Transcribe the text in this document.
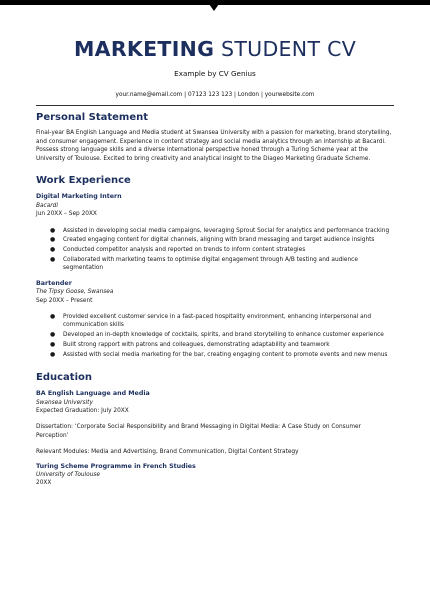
MARKETING STUDENT CV
Example by CV Genius
your.name@email.com | 07123 123 123 | London | yourwebsite.com
Personal Statement
Final-year BA English Language and Media student at Swansea University with a passion for marketing, brand storytelling, and consumer engagement. Experience in content strategy and social media analytics through an internship at Bacardi. Possess strong language skills and a diverse international perspective honed through a Turing Scheme year at the University of Toulouse. Excited to bring creativity and analytical insight to the Diageo Marketing Graduate Scheme.
Work Experience
Digital Marketing Intern
Bacardi
Jun 20XX – Sep 20XX
● Assisted in developing social media campaigns, leveraging Sprout Social for analytics and performance tracking
● Created engaging content for digital channels, aligning with brand messaging and target audience insights
● Conducted competitor analysis and reported on trends to inform content strategies
● Collaborated with marketing teams to optimise digital engagement through A/B testing and audience segmentation
Bartender
The Tipsy Goose, Swansea
Sep 20XX – Present
● Provided excellent customer service in a fast-paced hospitality environment, enhancing interpersonal and communication skills
● Developed an in-depth knowledge of cocktails, spirits, and brand storytelling to enhance customer experience
● Built strong rapport with patrons and colleagues, demonstrating adaptability and teamwork
● Assisted with social media marketing for the bar, creating engaging content to promote events and new menus
Education
BA English Language and Media
Swansea University
Expected Graduation: July 20XX
Dissertation: ‘Corporate Social Responsibility and Brand Messaging in Digital Media: A Case Study on Consumer Perception’
Relevant Modules: Media and Advertising, Brand Communication, Digital Content Strategy
Turing Scheme Programme in French Studies
University of Toulouse
20XX
